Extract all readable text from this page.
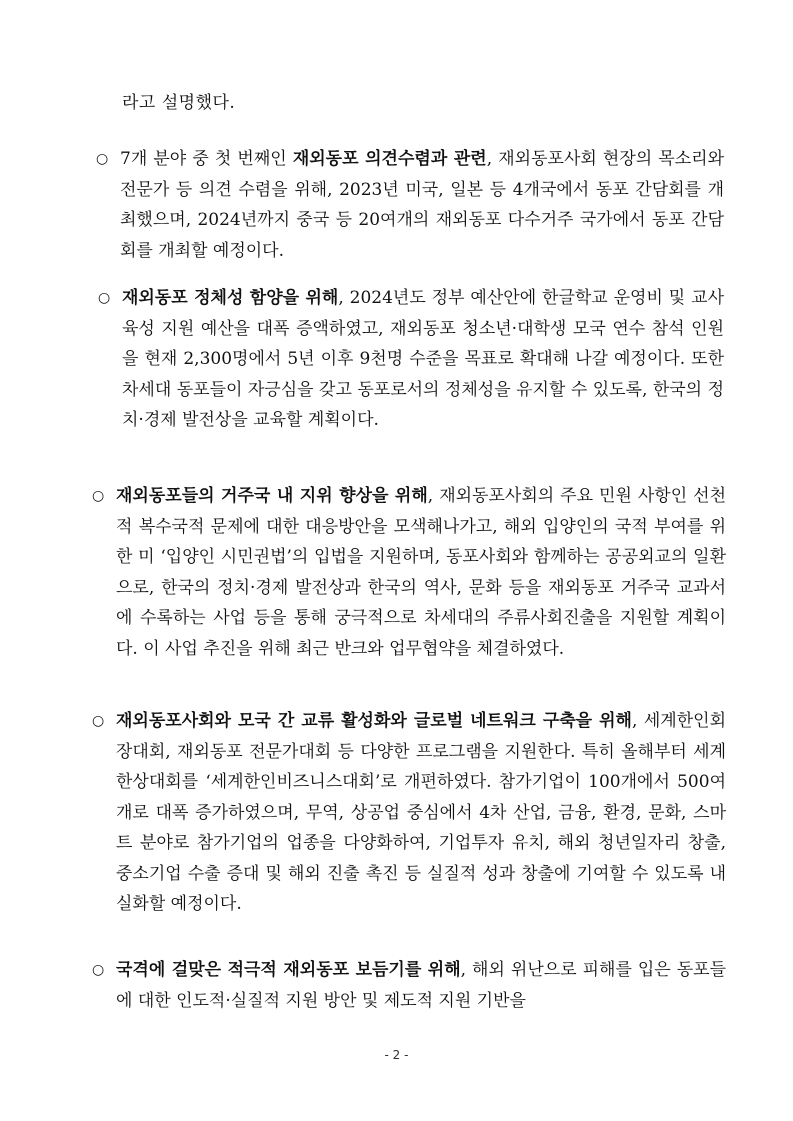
라고 설명했다.
○ 7개 분야 중 첫 번째인 재외동포 의견수렴과 관련, 재외동포사회 현장의 목소리와 전문가 등 의견 수렴을 위해, 2023년 미국, 일본 등 4개국에서 동포 간담회를 개최했으며, 2024년까지 중국 등 20여개의 재외동포 다수거주 국가에서 동포 간담회를 개최할 예정이다.
○ 재외동포 정체성 함양을 위해, 2024년도 정부 예산안에 한글학교 운영비 및 교사육성 지원 예산을 대폭 증액하였고, 재외동포 청소년·대학생 모국 연수 참석 인원을 현재 2,300명에서 5년 이후 9천명 수준을 목표로 확대해 나갈 예정이다. 또한 차세대 동포들이 자긍심을 갖고 동포로서의 정체성을 유지할 수 있도록, 한국의 정치·경제 발전상을 교육할 계획이다.
○ 재외동포들의 거주국 내 지위 향상을 위해, 재외동포사회의 주요 민원 사항인 선천적 복수국적 문제에 대한 대응방안을 모색해나가고, 해외 입양인의 국적 부여를 위한 미 ‘입양인 시민권법’의 입법을 지원하며, 동포사회와 함께하는 공공외교의 일환으로, 한국의 정치·경제 발전상과 한국의 역사, 문화 등을 재외동포 거주국 교과서에 수록하는 사업 등을 통해 궁극적으로 차세대의 주류사회진출을 지원할 계획이다. 이 사업 추진을 위해 최근 반크와 업무협약을 체결하였다.
○ 재외동포사회와 모국 간 교류 활성화와 글로벌 네트워크 구축을 위해, 세계한인회장대회, 재외동포 전문가대회 등 다양한 프로그램을 지원한다. 특히 올해부터 세계한상대회를 ‘세계한인비즈니스대회’로 개편하였다. 참가기업이 100개에서 500여개로 대폭 증가하였으며, 무역, 상공업 중심에서 4차 산업, 금융, 환경, 문화, 스마트 분야로 참가기업의 업종을 다양화하여, 기업투자 유치, 해외 청년일자리 창출, 중소기업 수출 증대 및 해외 진출 촉진 등 실질적 성과 창출에 기여할 수 있도록 내실화할 예정이다.
○ 국격에 걸맞은 적극적 재외동포 보듬기를 위해, 해외 위난으로 피해를 입은 동포들에 대한 인도적·실질적 지원 방안 및 제도적 지원 기반을
- 2 -
